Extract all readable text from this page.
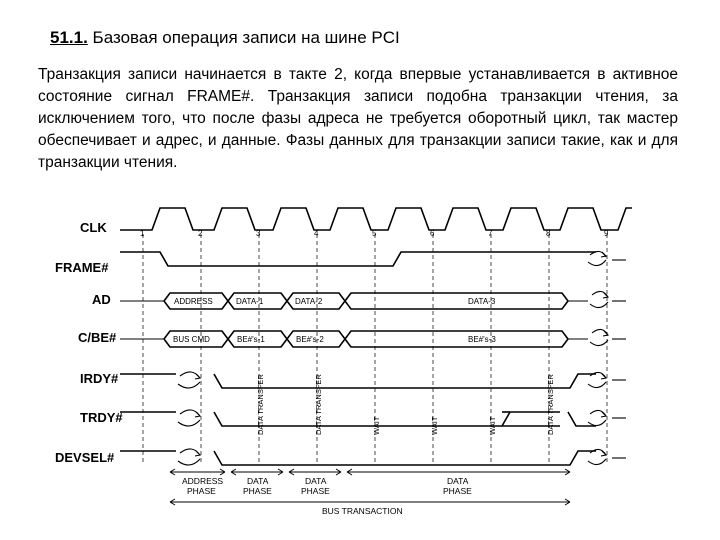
51.1. Базовая операция записи на шине PCI
Транзакция записи начинается в такте 2, когда впервые устанавливается в активное состояние сигнал FRAME#. Транзакция записи подобна транзакции чтения, за исключением того, что после фазы адреса не требуется оборотный цикл, так мастер обеспечивает и адрес, и данные. Фазы данных для транзакции записи такие, как и для транзакции чтения.
CLK
FRAME#
AD
C/BE#
IRDY#
TRDY#
DEVSEL#
1	2	3	4	5	6	7	8	9
ADDRESS	DATA-1	DATA-2	DATA-3
BUS CMD	BE#'s-1	BE#'s-2	BE#'s-3
DATA TRANSFER	DATA TRANSFER	WAIT	WAIT	WAIT	DATA TRANSFER
ADDRESS
PHASE
DATA
PHASE
DATA
PHASE
DATA
PHASE
BUS TRANSACTION
